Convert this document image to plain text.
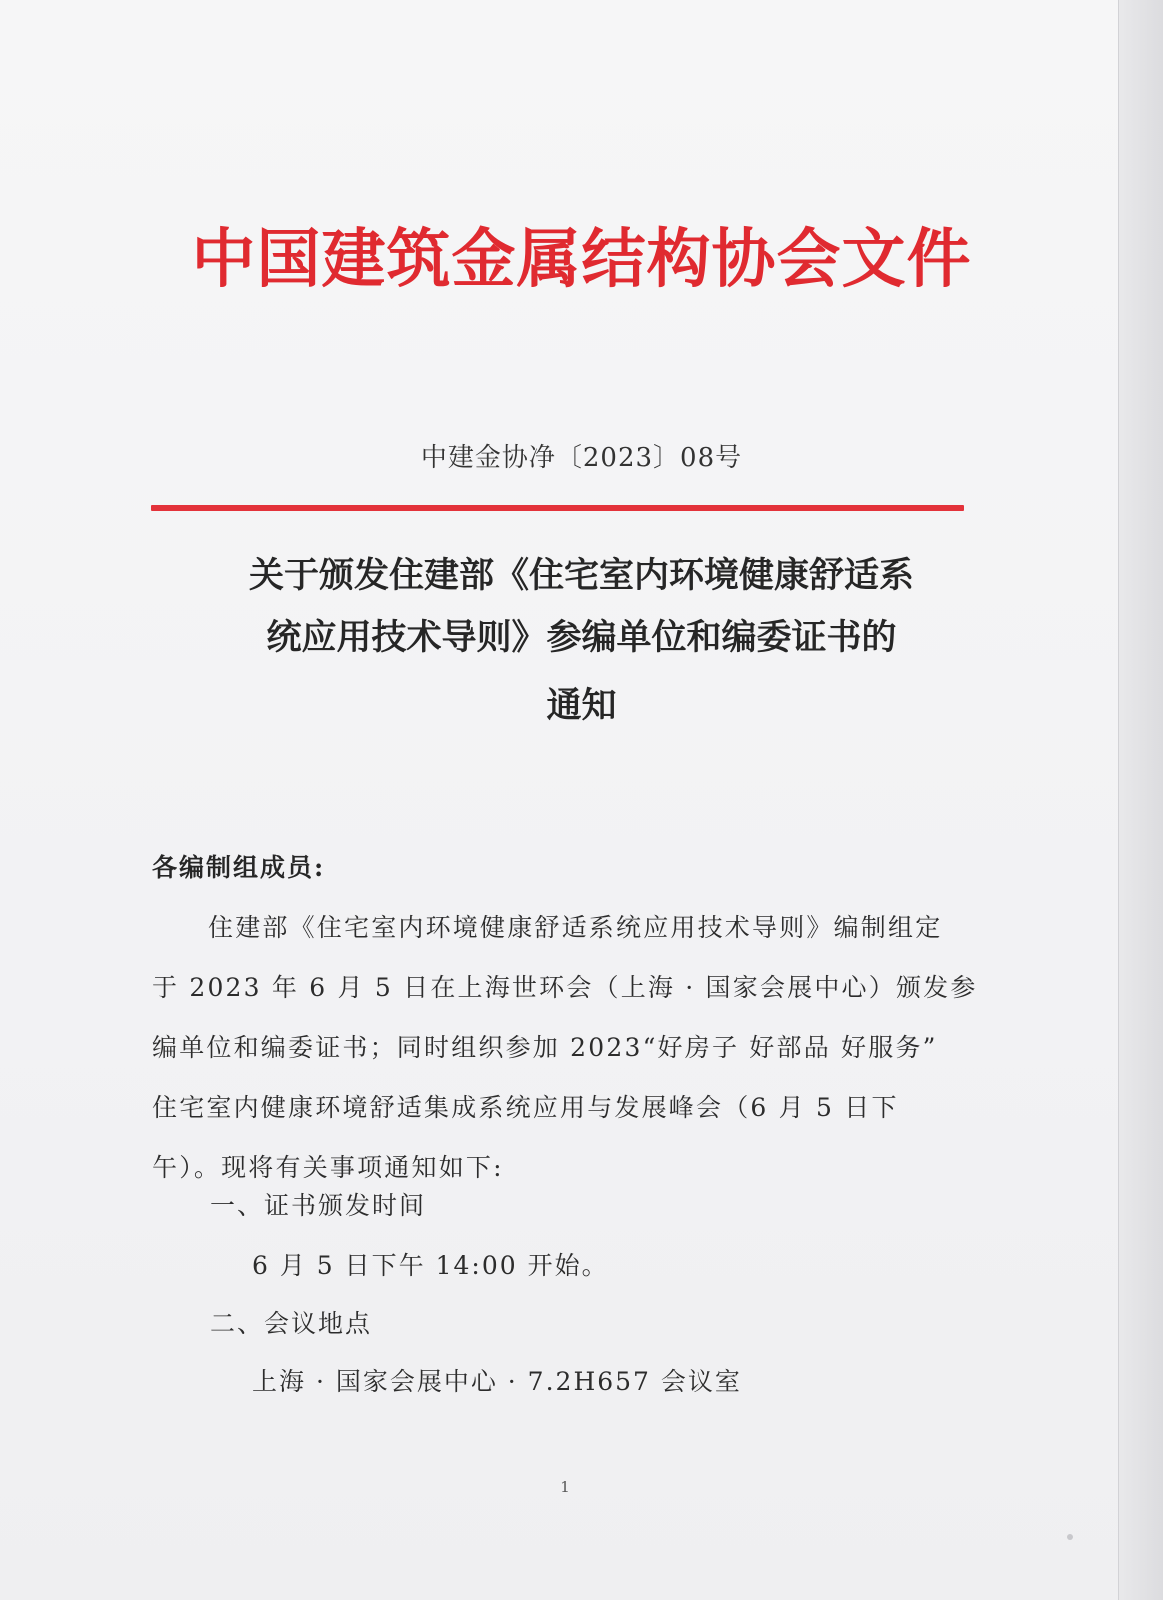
中国建筑金属结构协会文件
中建金协净〔2023〕08号
关于颁发住建部《住宅室内环境健康舒适系
统应用技术导则》参编单位和编委证书的
通知
各编制组成员:
住建部《住宅室内环境健康舒适系统应用技术导则》编制组定
于 2023 年 6 月 5 日在上海世环会（上海 · 国家会展中心）颁发参
编单位和编委证书；同时组织参加 2023“好房子 好部品 好服务”
住宅室内健康环境舒适集成系统应用与发展峰会（6 月 5 日下
午）。现将有关事项通知如下:
一、证书颁发时间
6 月 5 日下午 14:00 开始。
二、会议地点
上海 · 国家会展中心 · 7.2H657 会议室
1
